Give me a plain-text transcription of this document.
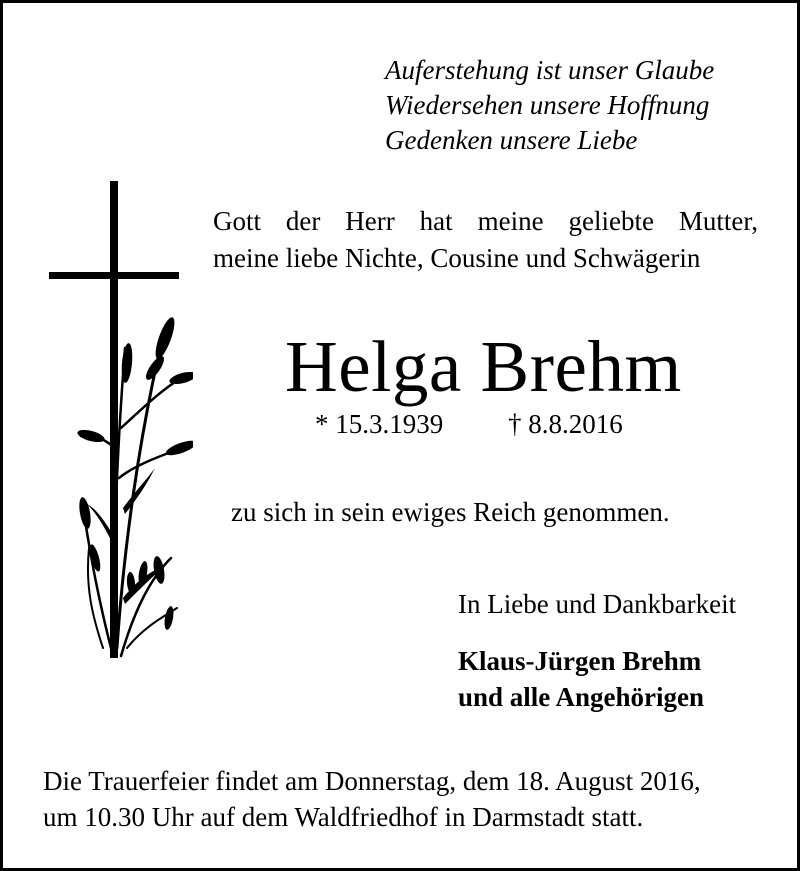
Auferstehung ist unser Glaube
Wiedersehen unsere Hoffnung
Gedenken unsere Liebe
Gott der Herr hat meine geliebte Mutter,
meine liebe Nichte, Cousine und Schwägerin
Helga Brehm
* 15.3.1939 † 8.8.2016
zu sich in sein ewiges Reich genommen.
In Liebe und Dankbarkeit
Klaus-Jürgen Brehm
und alle Angehörigen
Die Trauerfeier findet am Donnerstag, dem 18. August 2016,
um 10.30 Uhr auf dem Waldfriedhof in Darmstadt statt.
